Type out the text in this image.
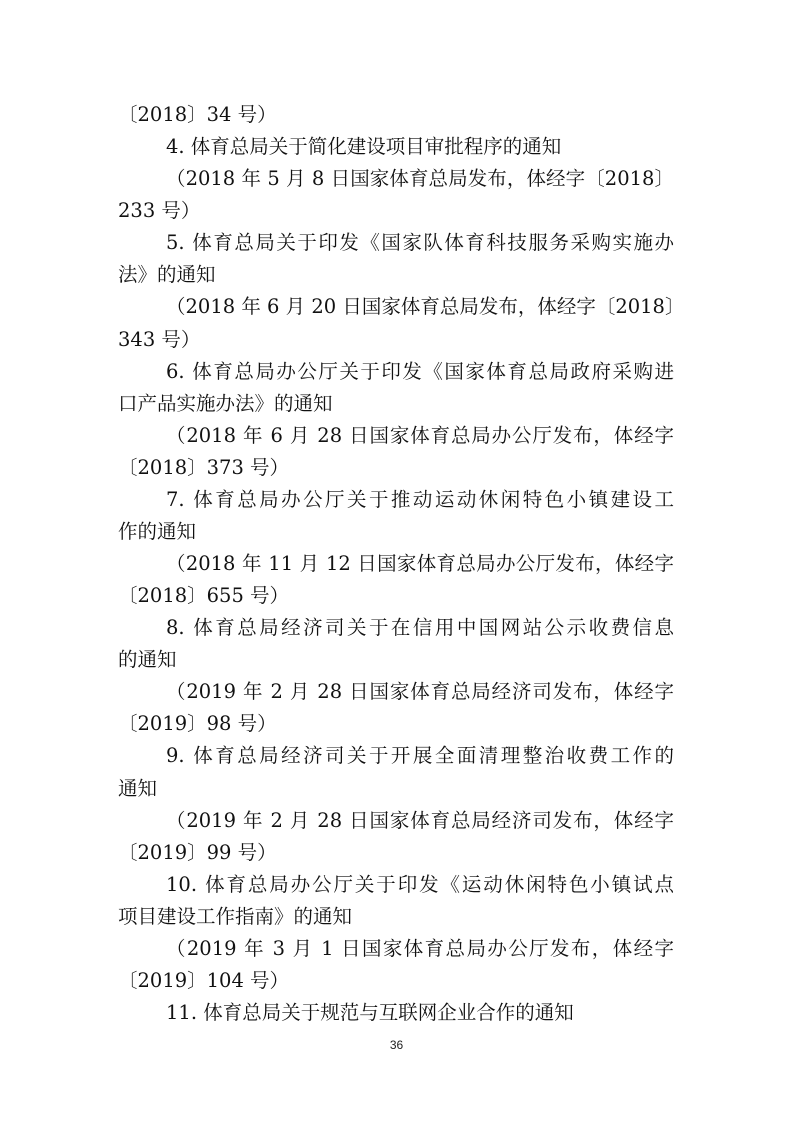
〔2018〕34 号）
4. 体育总局关于简化建设项目审批程序的通知
（2018 年 5 月 8 日国家体育总局发布，体经字〔2018〕
233 号）
5. 体育总局关于印发《国家队体育科技服务采购实施办
法》的通知
（2018 年 6 月 20 日国家体育总局发布，体经字〔2018〕
343 号）
6. 体育总局办公厅关于印发《国家体育总局政府采购进
口产品实施办法》的通知
（2018 年 6 月 28 日国家体育总局办公厅发布，体经字
〔2018〕373 号）
7. 体育总局办公厅关于推动运动休闲特色小镇建设工
作的通知
（2018 年 11 月 12 日国家体育总局办公厅发布，体经字
〔2018〕655 号）
8. 体育总局经济司关于在信用中国网站公示收费信息
的通知
（2019 年 2 月 28 日国家体育总局经济司发布，体经字
〔2019〕98 号）
9. 体育总局经济司关于开展全面清理整治收费工作的
通知
（2019 年 2 月 28 日国家体育总局经济司发布，体经字
〔2019〕99 号）
10. 体育总局办公厅关于印发《运动休闲特色小镇试点
项目建设工作指南》的通知
（2019 年 3 月 1 日国家体育总局办公厅发布，体经字
〔2019〕104 号）
11. 体育总局关于规范与互联网企业合作的通知
36
